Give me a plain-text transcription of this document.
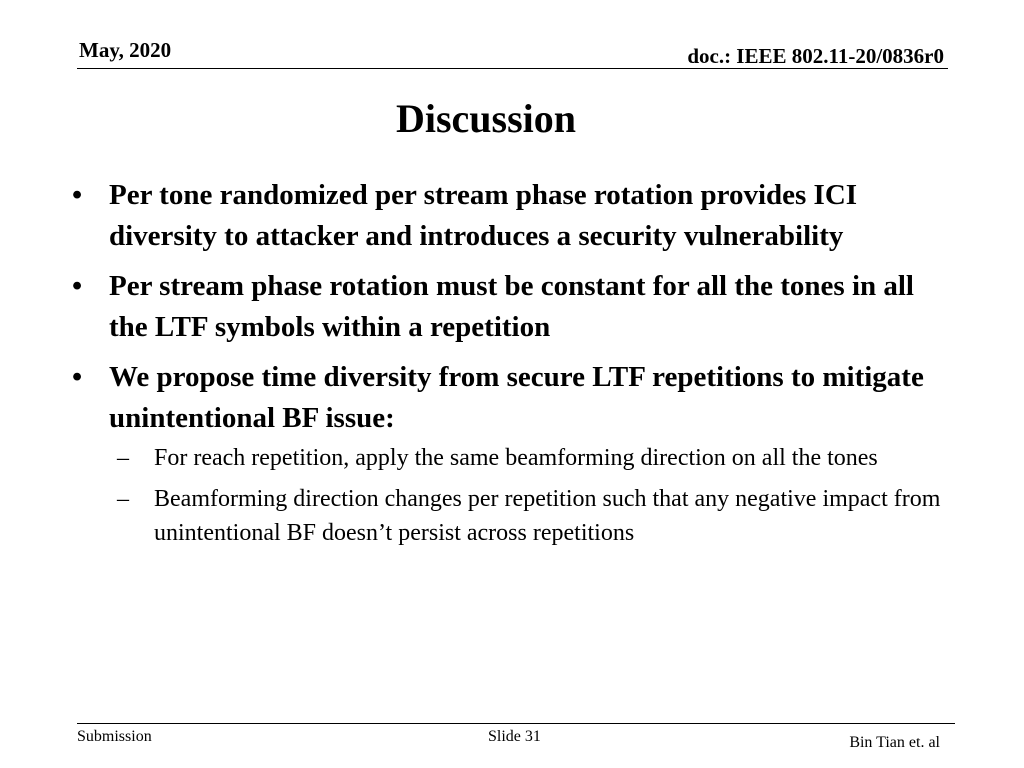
May, 2020	doc.: IEEE 802.11-20/0836r0
Discussion
• Per tone randomized per stream phase rotation provides ICI diversity to attacker and introduces a security vulnerability
• Per stream phase rotation must be constant for all the tones in all the LTF symbols within a repetition
• We propose time diversity from secure LTF repetitions to mitigate unintentional BF issue:
– For reach repetition, apply the same beamforming direction on all the tones
– Beamforming direction changes per repetition such that any negative impact from unintentional BF doesn’t persist across repetitions
Submission	Slide 31	Bin Tian et. al
